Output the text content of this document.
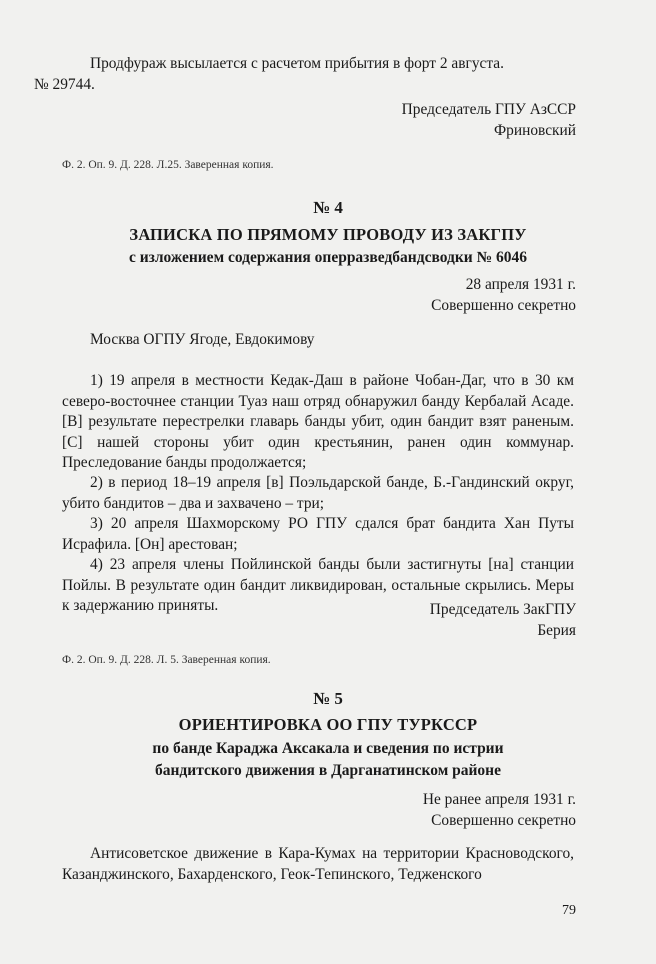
Продфураж высылается с расчетом прибытия в форт 2 августа.
№ 29744.
Председатель ГПУ АзССР
Фриновский
Ф. 2. Оп. 9. Д. 228. Л.25. Заверенная копия.
№ 4
ЗАПИСКА ПО ПРЯМОМУ ПРОВОДУ ИЗ ЗАКГПУ
с изложением содержания оперразведбандсводки № 6046
28 апреля 1931 г.
Совершенно секретно
Москва ОГПУ Ягоде, Евдокимову
1) 19 апреля в местности Кедак-Даш в районе Чобан-Даг, что в 30 км северо-восточнее станции Туаз наш отряд обнаружил банду Кербалай Асаде. [В] результате перестрелки главарь банды убит, один бандит взят раненым. [С] нашей стороны убит один крестьянин, ранен один коммунар. Преследование банды продолжается;
2) в период 18–19 апреля [в] Поэльдарской банде, Б.-Гандинский округ, убито бандитов – два и захвачено – три;
3) 20 апреля Шахморскому РО ГПУ сдался брат бандита Хан Путы Исрафила. [Он] арестован;
4) 23 апреля члены Пойлинской банды были застигнуты [на] станции Пойлы. В результате один бандит ликвидирован, остальные скрылись. Меры к задержанию приняты.	Председатель ЗакГПУ
Берия
Ф. 2. Оп. 9. Д. 228. Л. 5. Заверенная копия.
№ 5
ОРИЕНТИРОВКА ОО ГПУ ТУРКССР
по банде Караджа Аксакала и сведения по истрии
бандитского движения в Дарганатинском районе
Не ранее апреля 1931 г.
Совершенно секретно
Антисоветское движение в Кара-Кумах на территории Красноводского, Казанджинского, Бахарденского, Геок-Тепинского, Тедженского
79
